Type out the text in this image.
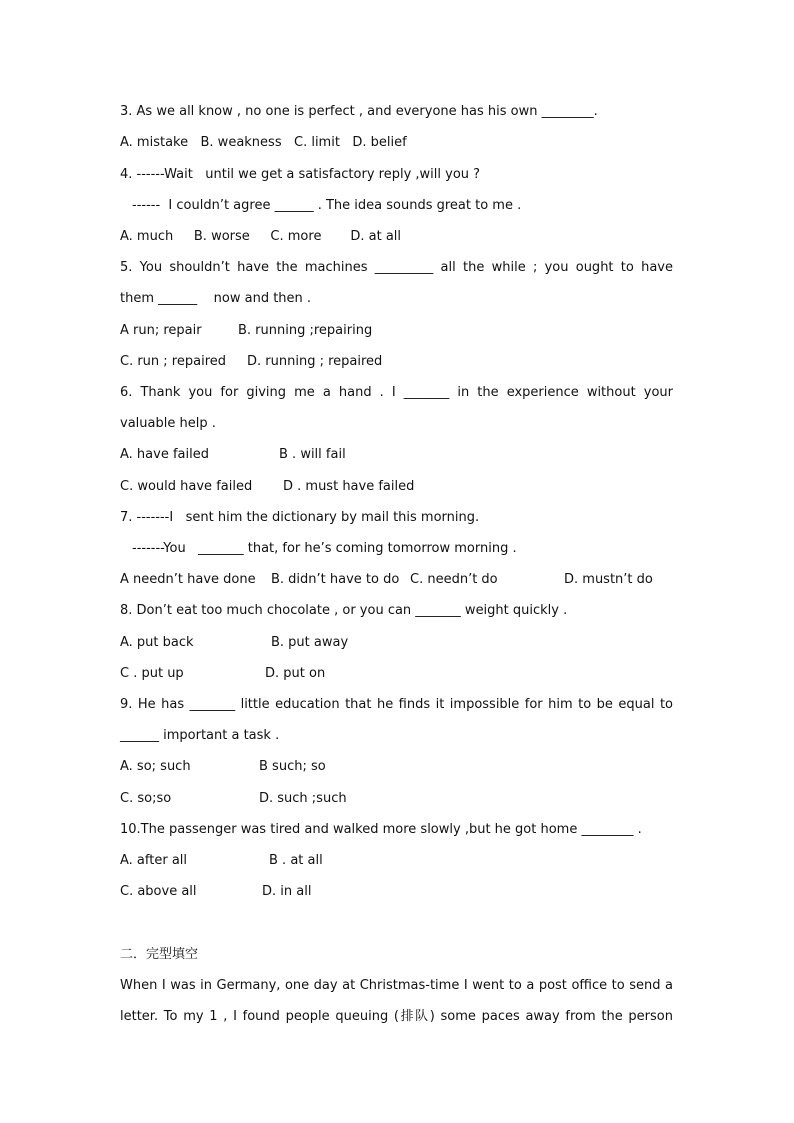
3. As we all know , no one is perfect , and everyone has his own ________.
A. mistake   B. weakness   C. limit   D. belief
4. ------Wait   until we get a satisfactory reply ,will you ?
------  I couldn’t agree ______ . The idea sounds great to me .
A. much     B. worse     C. more       D. at all
5. You shouldn’t have the machines _________ all the while ; you ought to have
them ______    now and then .
A run; repair	B. running ;repairing
C. run ; repaired D. running ; repaired
6. Thank you for giving me a hand . I _______ in the experience without your
valuable help .
A. have failed	B . will fail
C. would have failed D . must have failed
7. -------I   sent him the dictionary by mail this morning.
-------You   _______ that, for he’s coming tomorrow morning .
A needn’t have done B. didn’t have to do C. needn’t do	D. mustn’t do
8. Don’t eat too much chocolate , or you can _______ weight quickly .
A. put back	B. put away
C . put up	D. put on
9. He has _______ little education that he finds it impossible for him to be equal to
______ important a task .
A. so; such	B such; so
C. so;so	D. such ;such
10.The passenger was tired and walked more slowly ,but he got home ________ .
A. after all	B . at all
C. above all	D. in all
二．完型填空
When I was in Germany, one day at Christmas-time I went to a post office to send a
letter. To my 1 , I found people queuing (排队) some paces away from the person
